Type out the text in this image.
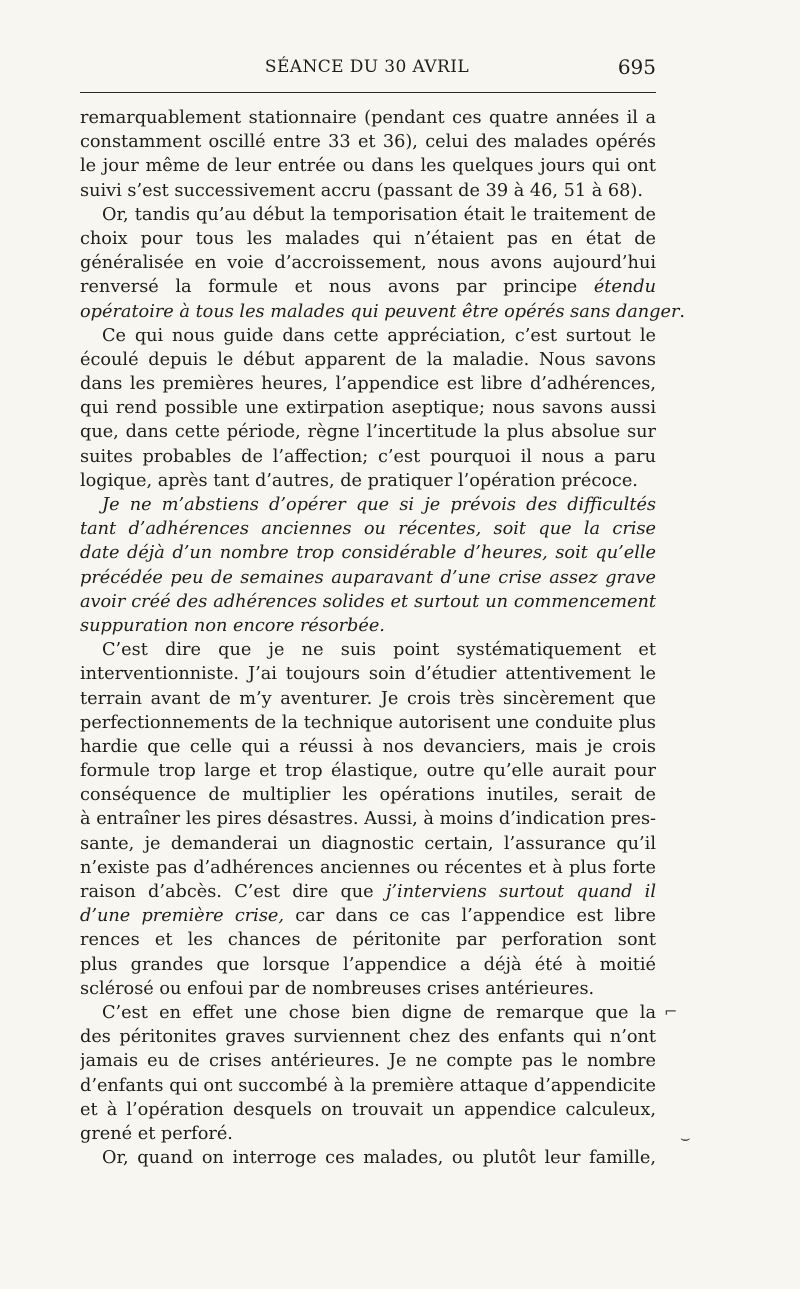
SÉANCE DU 30 AVRIL	695
remarquablement stationnaire (pendant ces quatre années il a
constamment oscillé entre 33 et 36), celui des malades opérés
le jour même de leur entrée ou dans les quelques jours qui ont
suivi s’est successivement accru (passant de 39 à 46, 51 à 68).
Or, tandis qu’au début la temporisation était le traitement de
choix pour tous les malades qui n’étaient pas en état de
généralisée en voie d’accroissement, nous avons aujourd’hui
renversé la formule et nous avons par principe étendu
opératoire à tous les malades qui peuvent être opérés sans danger.
Ce qui nous guide dans cette appréciation, c’est surtout le
écoulé depuis le début apparent de la maladie. Nous savons
dans les premières heures, l’appendice est libre d’adhérences,
qui rend possible une extirpation aseptique; nous savons aussi
que, dans cette période, règne l’incertitude la plus absolue sur
suites probables de l’affection; c’est pourquoi il nous a paru
logique, après tant d’autres, de pratiquer l’opération précoce.
Je ne m’abstiens d’opérer que si je prévois des difficultés
tant d’adhérences anciennes ou récentes, soit que la crise
date déjà d’un nombre trop considérable d’heures, soit qu’elle
précédée peu de semaines auparavant d’une crise assez grave
avoir créé des adhérences solides et surtout un commencement
suppuration non encore résorbée.
C’est dire que je ne suis point systématiquement et
interventionniste. J’ai toujours soin d’étudier attentivement le
terrain avant de m’y aventurer. Je crois très sincèrement que
perfectionnements de la technique autorisent une conduite plus
hardie que celle qui a réussi à nos devanciers, mais je crois
formule trop large et trop élastique, outre qu’elle aurait pour
conséquence de multiplier les opérations inutiles, serait de
à entraîner les pires désastres. Aussi, à moins d’indication pres-
sante, je demanderai un diagnostic certain, l’assurance qu’il
n’existe pas d’adhérences anciennes ou récentes et à plus forte
raison d’abcès. C’est dire que j’interviens surtout quand il
d’une première crise, car dans ce cas l’appendice est libre
rences et les chances de péritonite par perforation sont
plus grandes que lorsque l’appendice a déjà été à moitié
sclérosé ou enfoui par de nombreuses crises antérieures.
C’est en effet une chose bien digne de remarque que la
des péritonites graves surviennent chez des enfants qui n’ont
jamais eu de crises antérieures. Je ne compte pas le nombre
d’enfants qui ont succombé à la première attaque d’appendicite
et à l’opération desquels on trouvait un appendice calculeux,
grené et perforé.
Or, quand on interroge ces malades, ou plutôt leur famille,
⌐
⌣
